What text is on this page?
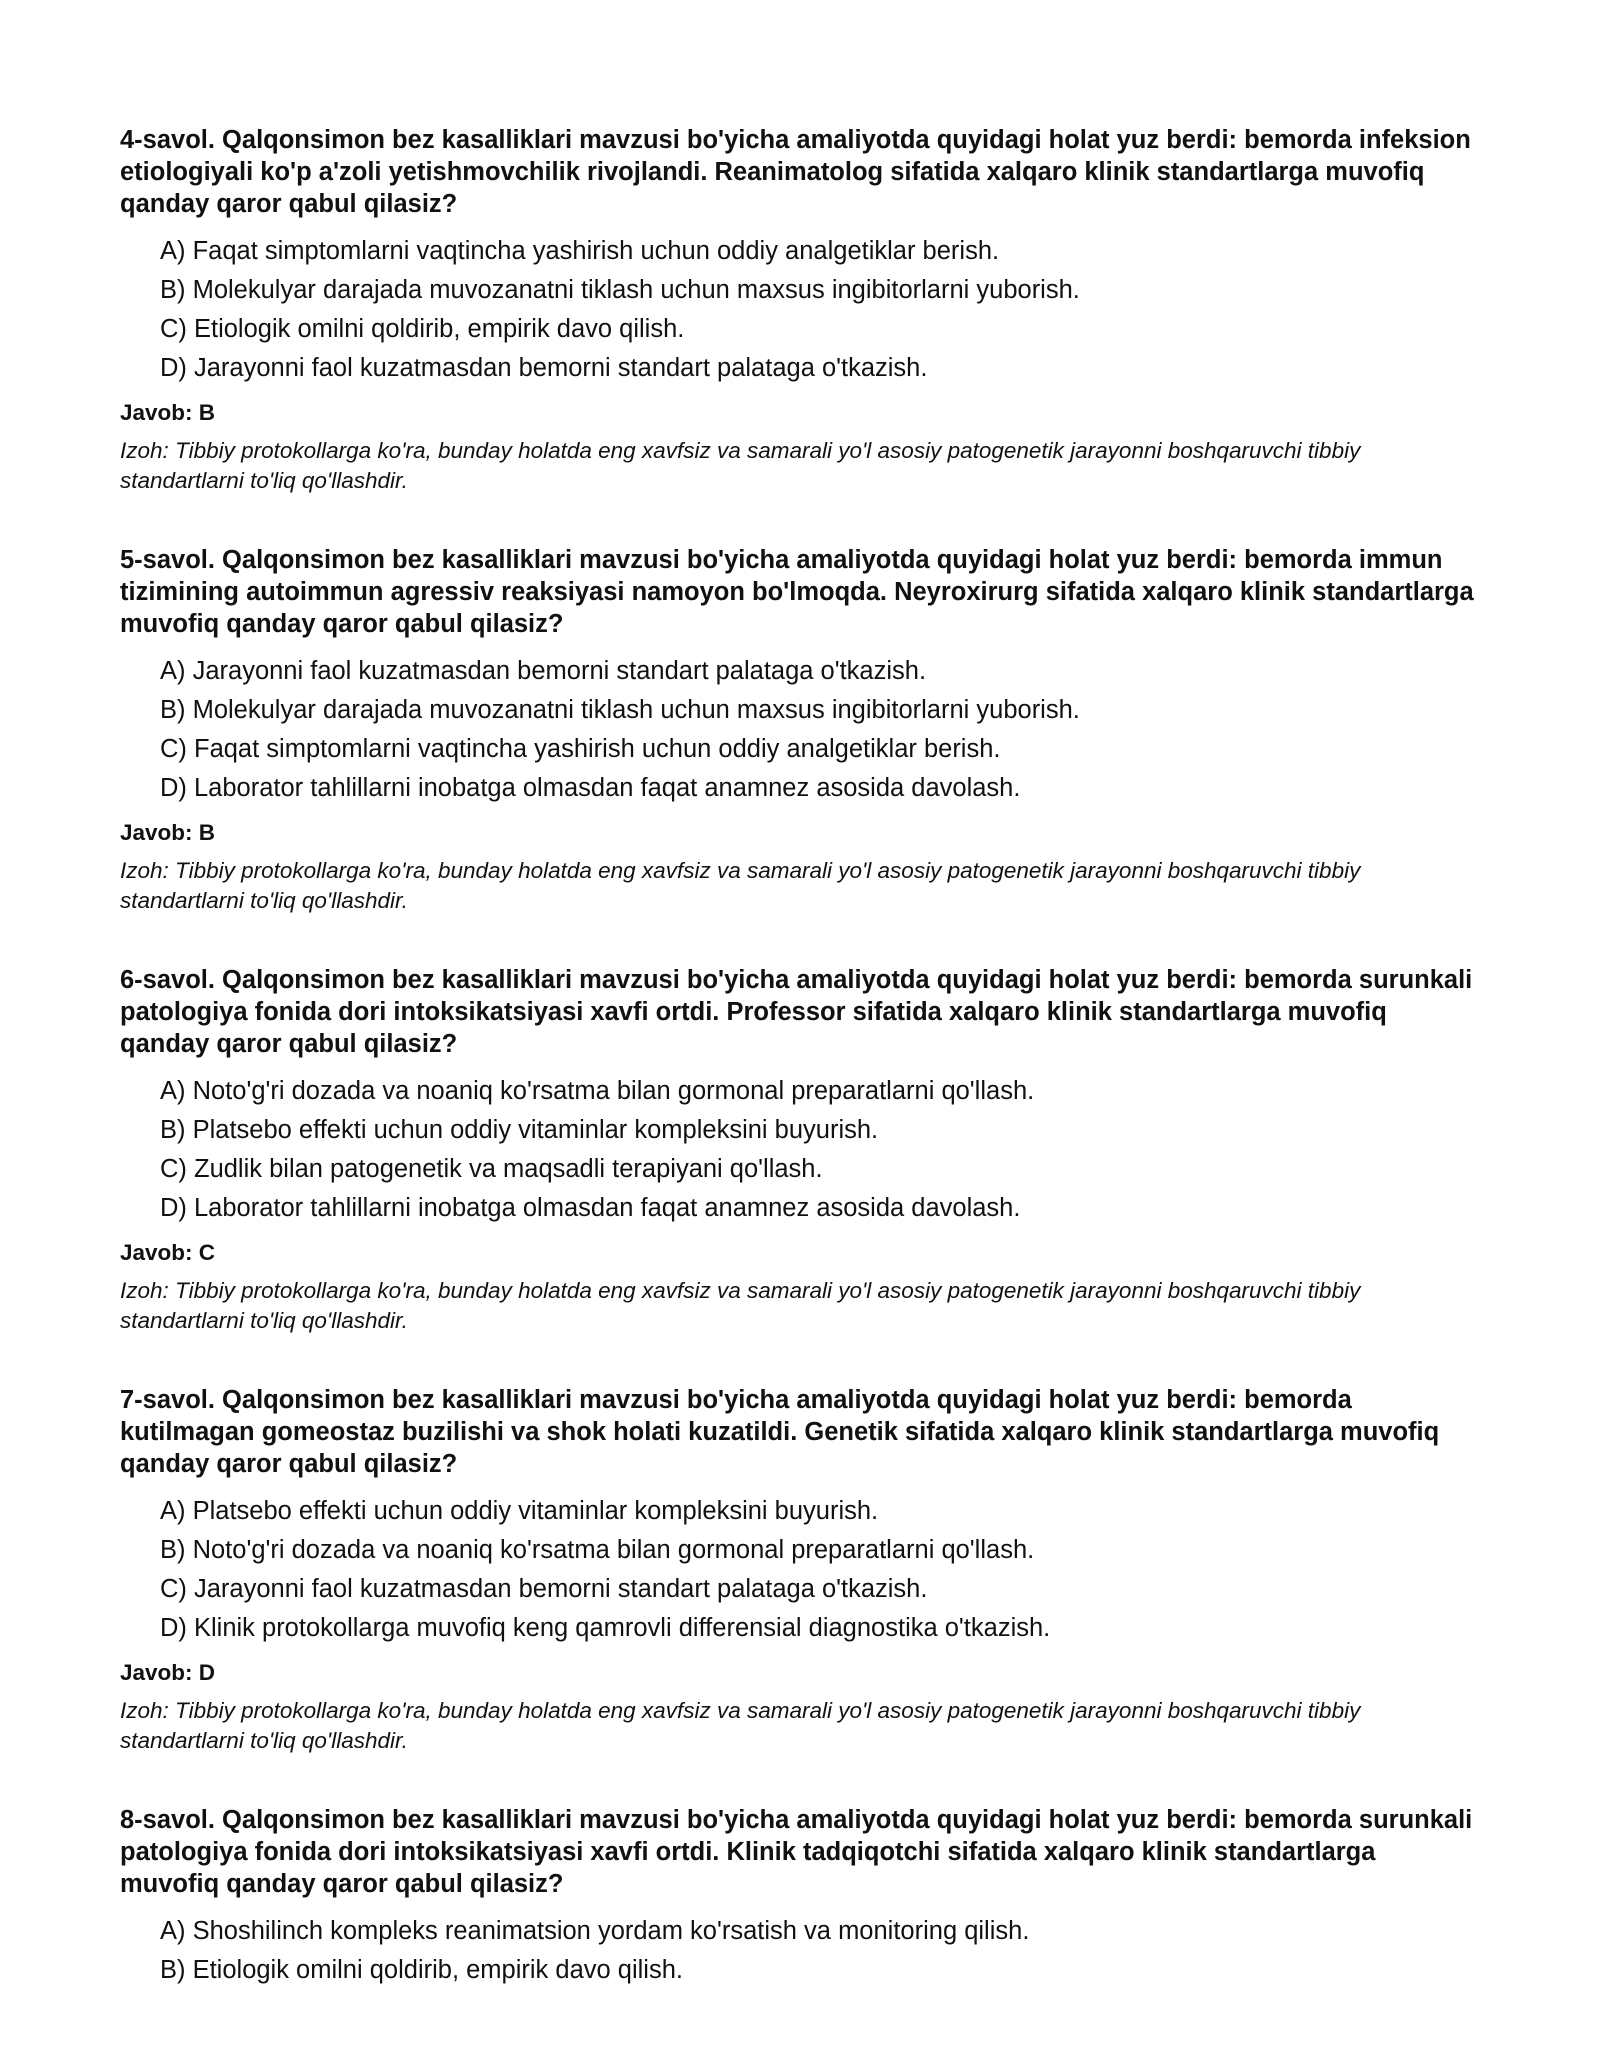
4-savol. Qalqonsimon bez kasalliklari mavzusi bo'yicha amaliyotda quyidagi holat yuz berdi: bemorda infeksion etiologiyali ko'p a'zoli yetishmovchilik rivojlandi. Reanimatolog sifatida xalqaro klinik standartlarga muvofiq qanday qaror qabul qilasiz?

A) Faqat simptomlarni vaqtincha yashirish uchun oddiy analgetiklar berish.
B) Molekulyar darajada muvozanatni tiklash uchun maxsus ingibitorlarni yuborish.
C) Etiologik omilni qoldirib, empirik davo qilish.
D) Jarayonni faol kuzatmasdan bemorni standart palataga o'tkazish.

Javob: B

Izoh: Tibbiy protokollarga ko'ra, bunday holatda eng xavfsiz va samarali yo'l asosiy patogenetik jarayonni boshqaruvchi tibbiy standartlarni to'liq qo'llashdir.

5-savol. Qalqonsimon bez kasalliklari mavzusi bo'yicha amaliyotda quyidagi holat yuz berdi: bemorda immun tizimining autoimmun agressiv reaksiyasi namoyon bo'lmoqda. Neyroxirurg sifatida xalqaro klinik standartlarga muvofiq qanday qaror qabul qilasiz?

A) Jarayonni faol kuzatmasdan bemorni standart palataga o'tkazish.
B) Molekulyar darajada muvozanatni tiklash uchun maxsus ingibitorlarni yuborish.
C) Faqat simptomlarni vaqtincha yashirish uchun oddiy analgetiklar berish.
D) Laborator tahlillarni inobatga olmasdan faqat anamnez asosida davolash.

Javob: B

Izoh: Tibbiy protokollarga ko'ra, bunday holatda eng xavfsiz va samarali yo'l asosiy patogenetik jarayonni boshqaruvchi tibbiy standartlarni to'liq qo'llashdir.

6-savol. Qalqonsimon bez kasalliklari mavzusi bo'yicha amaliyotda quyidagi holat yuz berdi: bemorda surunkali patologiya fonida dori intoksikatsiyasi xavfi ortdi. Professor sifatida xalqaro klinik standartlarga muvofiq qanday qaror qabul qilasiz?

A) Noto'g'ri dozada va noaniq ko'rsatma bilan gormonal preparatlarni qo'llash.
B) Platsebo effekti uchun oddiy vitaminlar kompleksini buyurish.
C) Zudlik bilan patogenetik va maqsadli terapiyani qo'llash.
D) Laborator tahlillarni inobatga olmasdan faqat anamnez asosida davolash.

Javob: C

Izoh: Tibbiy protokollarga ko'ra, bunday holatda eng xavfsiz va samarali yo'l asosiy patogenetik jarayonni boshqaruvchi tibbiy standartlarni to'liq qo'llashdir.

7-savol. Qalqonsimon bez kasalliklari mavzusi bo'yicha amaliyotda quyidagi holat yuz berdi: bemorda kutilmagan gomeostaz buzilishi va shok holati kuzatildi. Genetik sifatida xalqaro klinik standartlarga muvofiq qanday qaror qabul qilasiz?

A) Platsebo effekti uchun oddiy vitaminlar kompleksini buyurish.
B) Noto'g'ri dozada va noaniq ko'rsatma bilan gormonal preparatlarni qo'llash.
C) Jarayonni faol kuzatmasdan bemorni standart palataga o'tkazish.
D) Klinik protokollarga muvofiq keng qamrovli differensial diagnostika o'tkazish.

Javob: D

Izoh: Tibbiy protokollarga ko'ra, bunday holatda eng xavfsiz va samarali yo'l asosiy patogenetik jarayonni boshqaruvchi tibbiy standartlarni to'liq qo'llashdir.

8-savol. Qalqonsimon bez kasalliklari mavzusi bo'yicha amaliyotda quyidagi holat yuz berdi: bemorda surunkali patologiya fonida dori intoksikatsiyasi xavfi ortdi. Klinik tadqiqotchi sifatida xalqaro klinik standartlarga muvofiq qanday qaror qabul qilasiz?

A) Shoshilinch kompleks reanimatsion yordam ko'rsatish va monitoring qilish.
B) Etiologik omilni qoldirib, empirik davo qilish.
